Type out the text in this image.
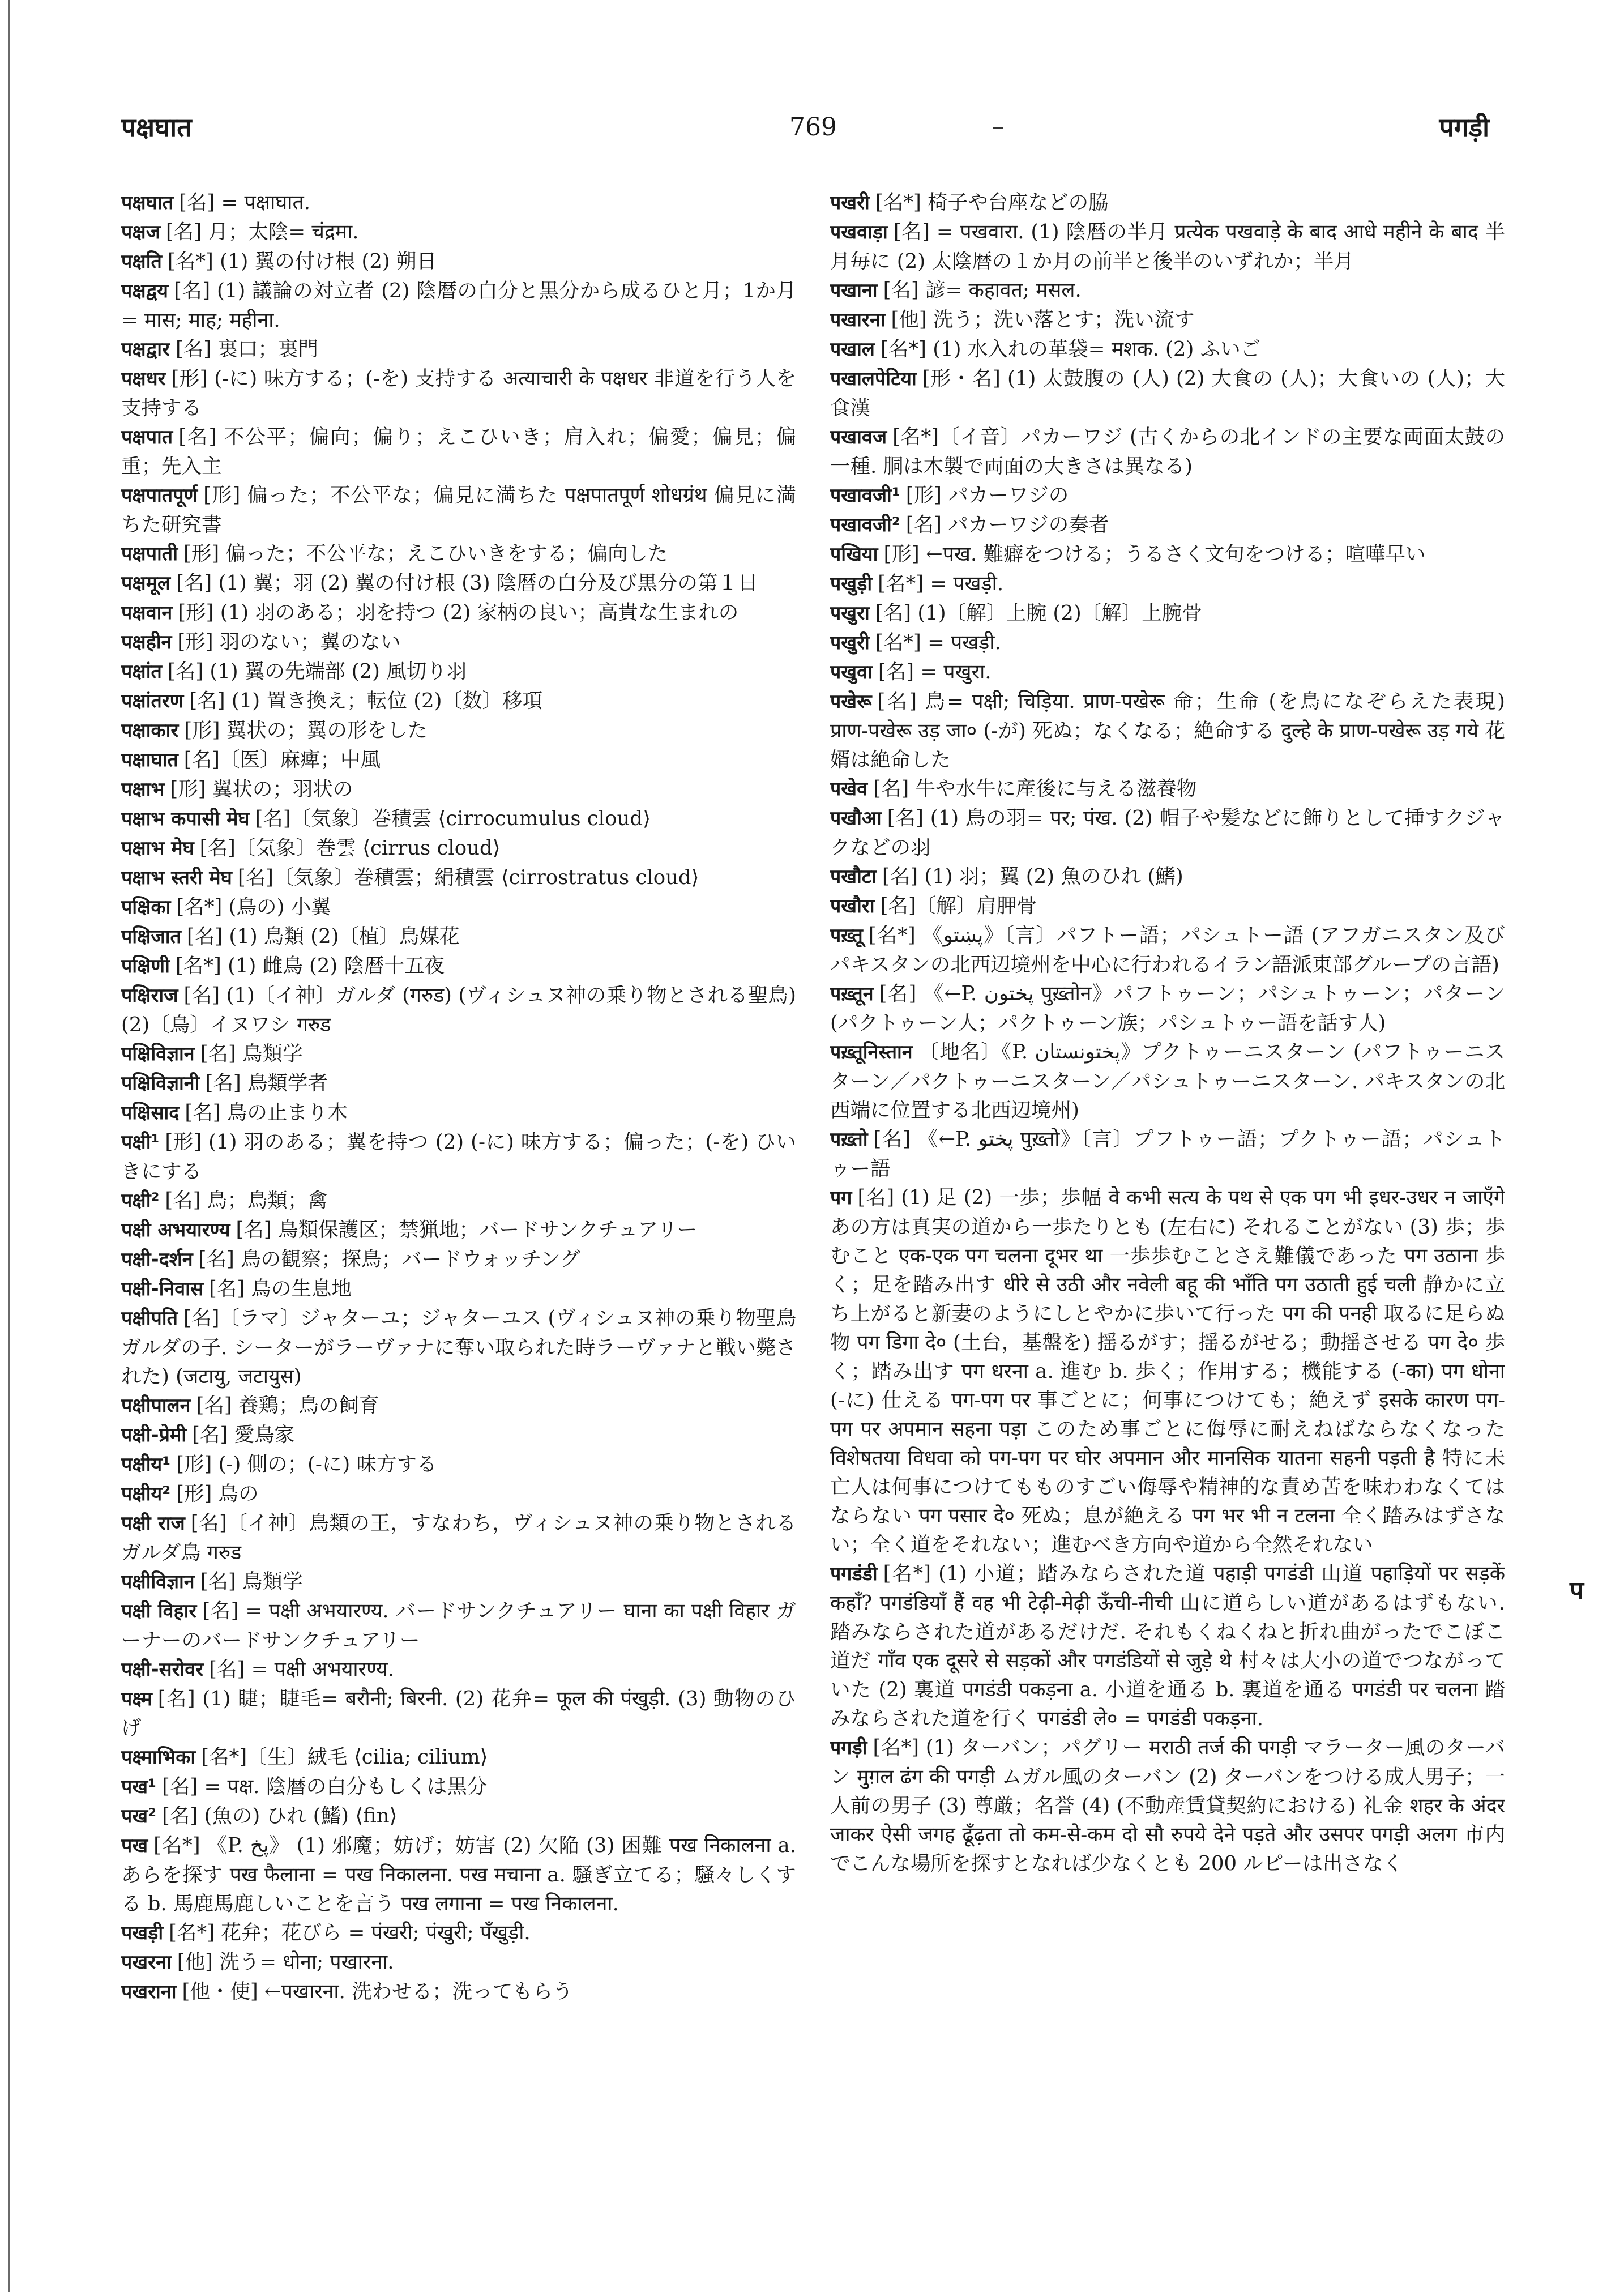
पक्षघात	769	पगड़ी
पक्षघात [名] = पक्षाघात.
पक्षज [名] 月；太陰= चंद्रमा.
पक्षति [名*] (1) 翼の付け根 (2) 朔日
पक्षद्वय [名] (1) 議論の対立者 (2) 陰暦の白分と黒分から成るひと月；1か月= मास; माह; महीना.
पक्षद्वार [名] 裏口；裏門
पक्षधर [形] (-に) 味方する；(-を) 支持する अत्याचारी के पक्षधर 非道を行う人を支持する
पक्षपात [名] 不公平；偏向；偏り；えこひいき；肩入れ；偏愛；偏見；偏重；先入主
पक्षपातपूर्ण [形] 偏った；不公平な；偏見に満ちた पक्षपातपूर्ण शोधग्रंथ 偏見に満ちた研究書
पक्षपाती [形] 偏った；不公平な；えこひいきをする；偏向した
पक्षमूल [名] (1) 翼；羽 (2) 翼の付け根 (3) 陰暦の白分及び黒分の第１日
पक्षवान [形] (1) 羽のある；羽を持つ (2) 家柄の良い；高貴な生まれの
पक्षहीन [形] 羽のない；翼のない
पक्षांत [名] (1) 翼の先端部 (2) 風切り羽
पक्षांतरण [名] (1) 置き換え；転位 (2)〔数〕移項
पक्षाकार [形] 翼状の；翼の形をした
पक्षाघात [名]〔医〕麻痺；中風
पक्षाभ [形] 翼状の；羽状の
पक्षाभ कपासी मेघ [名]〔気象〕巻積雲 ⟨cirrocumulus cloud⟩
पक्षाभ मेघ [名]〔気象〕巻雲 ⟨cirrus cloud⟩
पक्षाभ स्तरी मेघ [名]〔気象〕巻積雲；絹積雲 ⟨cirrostratus cloud⟩
पक्षिका [名*] (鳥の) 小翼
पक्षिजात [名] (1) 鳥類 (2)〔植〕鳥媒花
पक्षिणी [名*] (1) 雌鳥 (2) 陰暦十五夜
पक्षिराज [名] (1)〔イ神〕ガルダ (गरुड) (ヴィシュヌ神の乗り物とされる聖鳥) (2)〔鳥〕イヌワシ गरुड
पक्षिविज्ञान [名] 鳥類学
पक्षिविज्ञानी [名] 鳥類学者
पक्षिसाद [名] 鳥の止まり木
पक्षी¹ [形] (1) 羽のある；翼を持つ (2) (-に) 味方する；偏った；(-を) ひいきにする
पक्षी² [名] 鳥；鳥類；禽
पक्षी अभयारण्य [名] 鳥類保護区；禁猟地；バードサンクチュアリー
पक्षी-दर्शन [名] 鳥の観察；探鳥；バードウォッチング
पक्षी-निवास [名] 鳥の生息地
पक्षीपति [名]〔ラマ〕ジャターユ；ジャターユス (ヴィシュヌ神の乗り物聖鳥ガルダの子. シーターがラーヴァナに奪い取られた時ラーヴァナと戦い斃された) (जटायु, जटायुस)
पक्षीपालन [名] 養鶏；鳥の飼育
पक्षी-प्रेमी [名] 愛鳥家
पक्षीय¹ [形] (-) 側の；(-に) 味方する
पक्षीय² [形] 鳥の
पक्षी राज [名]〔イ神〕鳥類の王，すなわち，ヴィシュヌ神の乗り物とされるガルダ鳥 गरुड
पक्षीविज्ञान [名] 鳥類学
पक्षी विहार [名] = पक्षी अभयारण्य. バードサンクチュアリー घाना का पक्षी विहार ガーナーのバードサンクチュアリー
पक्षी-सरोवर [名] = पक्षी अभयारण्य.
पक्ष्म [名] (1) 睫；睫毛= बरौनी; बिरनी. (2) 花弁= फूल की पंखुड़ी. (3) 動物のひげ
पक्ष्माभिका [名*]〔生〕絨毛 ⟨cilia; cilium⟩
पख¹ [名] = पक्ष. 陰暦の白分もしくは黒分
पख² [名] (魚の) ひれ (鰭) ⟨fin⟩
पख [名*] 《P. پخ》 (1) 邪魔；妨げ；妨害 (2) 欠陥 (3) 困難 पख निकालना a. あらを探す पख फैलाना = पख निकालना. पख मचाना a. 騒ぎ立てる；騒々しくする b. 馬鹿馬鹿しいことを言う पख लगाना = पख निकालना.
पखड़ी [名*] 花弁；花びら = पंखरी; पंखुरी; पँखुड़ी.
पखरना [他] 洗う= धोना; पखारना.
पखराना [他・使] ←पखारना. 洗わせる；洗ってもらう
पखरी [名*] 椅子や台座などの脇
पखवाड़ा [名] = पखवारा. (1) 陰暦の半月 प्रत्येक पखवाड़े के बाद आधे महीने के बाद 半月毎に (2) 太陰暦の１か月の前半と後半のいずれか；半月
पखाना [名] 諺= कहावत; मसल.
पखारना [他] 洗う；洗い落とす；洗い流す
पखाल [名*] (1) 水入れの革袋= मशक. (2) ふいご
पखालपेटिया [形・名] (1) 太鼓腹の (人) (2) 大食の (人)；大食いの (人)；大食漢
पखावज [名*]〔イ音〕パカーワジ (古くからの北インドの主要な両面太鼓の一種. 胴は木製で両面の大きさは異なる)
पखावजी¹ [形] パカーワジの
पखावजी² [名] パカーワジの奏者
पखिया [形] ←पख. 難癖をつける；うるさく文句をつける；喧嘩早い
पखुड़ी [名*] = पखड़ी.
पखुरा [名] (1)〔解〕上腕 (2)〔解〕上腕骨
पखुरी [名*] = पखड़ी.
पखुवा [名] = पखुरा.
पखेरू [名] 鳥= पक्षी; चिड़िया. प्राण-पखेरू 命；生命 (を鳥になぞらえた表現) प्राण-पखेरू उड़ जा० (-が) 死ぬ；なくなる；絶命する दुल्हे के प्राण-पखेरू उड़ गये 花婿は絶命した
पखेव [名] 牛や水牛に産後に与える滋養物
पखौआ [名] (1) 鳥の羽= पर; पंख. (2) 帽子や髪などに飾りとして挿すクジャクなどの羽
पखौटा [名] (1) 羽；翼 (2) 魚のひれ (鰭)
पखौरा [名]〔解〕肩胛骨
पख़्तू [名*] 《پښتو》〔言〕パフトー語；パシュトー語 (アフガニスタン及びパキスタンの北西辺境州を中心に行われるイラン語派東部グループの言語)
पख़्तून [名] 《←P. پختون पुख़्तोन》パフトゥーン；パシュトゥーン；パターン (パクトゥーン人；パクトゥーン族；パシュトゥー語を話す人)
पख़्तूनिस्तान 〔地名〕《P. پختونستان》プクトゥーニスターン (パフトゥーニスターン／パクトゥーニスターン／パシュトゥーニスターン. パキスタンの北西端に位置する北西辺境州)
पख़्तो [名] 《←P. پختو पुख़्तो》〔言〕プフトゥー語；プクトゥー語；パシュトゥー語
पग [名] (1) 足 (2) 一歩；歩幅 वे कभी सत्य के पथ से एक पग भी इधर-उधर न जाएँगे あの方は真実の道から一歩たりとも (左右に) それることがない (3) 歩；歩むこと एक-एक पग चलना दूभर था 一歩歩むことさえ難儀であった पग उठाना 歩く；足を踏み出す धीरे से उठी और नवेली बहू की भाँति पग उठाती हुई चली 静かに立ち上がると新妻のようにしとやかに歩いて行った पग की पनही 取るに足らぬ物 पग डिगा दे० (土台，基盤を) 揺るがす；揺るがせる；動揺させる पग दे० 歩く；踏み出す पग धरना a. 進む b. 歩く；作用する；機能する (-का) पग धोना (-に) 仕える पग-पग पर 事ごとに；何事につけても；絶えず इसके कारण पग-पग पर अपमान सहना पड़ा このため事ごとに侮辱に耐えねばならなくなった विशेषतया विधवा को पग-पग पर घोर अपमान और मानसिक यातना सहनी पड़ती है 特に未亡人は何事につけてもものすごい侮辱や精神的な責め苦を味わわなくてはならない पग पसार दे० 死ぬ；息が絶える पग भर भी न टलना 全く踏みはずさない；全く道をそれない；進むべき方向や道から全然それない
पगडंडी [名*] (1) 小道；踏みならされた道 पहाड़ी पगडंडी 山道 पहाड़ियों पर सड़कें कहाँ? पगडंडियाँ हैं वह भी टेढ़ी-मेढ़ी ऊँची-नीची 山に道らしい道があるはずもない. 踏みならされた道があるだけだ. それもくねくねと折れ曲がったでこぼこ道だ गाँव एक दूसरे से सड़कों और पगडंडियों से जुड़े थे 村々は大小の道でつながっていた (2) 裏道 पगडंडी पकड़ना a. 小道を通る b. 裏道を通る पगडंडी पर चलना 踏みならされた道を行く पगडंडी ले० = पगडंडी पकड़ना.
पगड़ी [名*] (1) ターバン；パグリー मराठी तर्ज की पगड़ी マラーター風のターバン मुग़ल ढंग की पगड़ी ムガル風のターバン (2) ターバンをつける成人男子；一人前の男子 (3) 尊厳；名誉 (4) (不動産賃貸契約における) 礼金 शहर के अंदर जाकर ऐसी जगह ढूँढ़ता तो कम-से-कम दो सौ रुपये देने पड़ते और उसपर पगड़ी अलग 市内でこんな場所を探すとなれば少なくとも 200 ルピーは出さなく
प
